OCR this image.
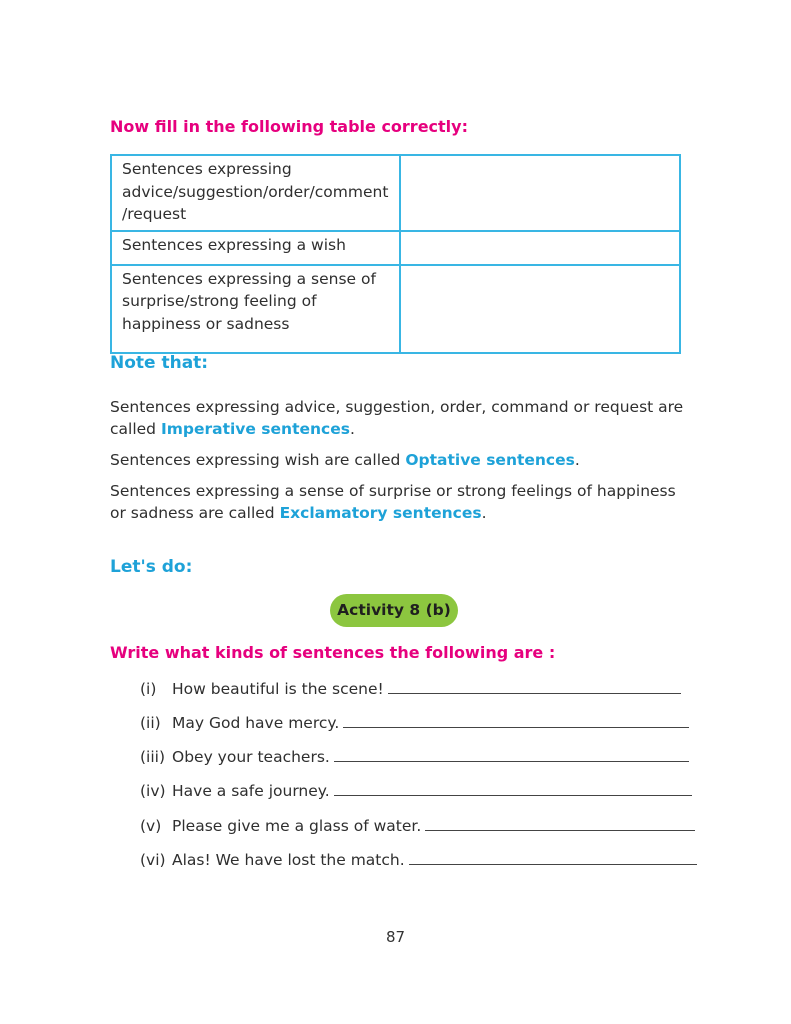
Now fill in the following table correctly:
Sentences expressing advice/suggestion/order/comment /request	
Sentences expressing a wish	
Sentences expressing a sense of surprise/strong feeling of happiness or sadness	
Note that:
Sentences expressing advice, suggestion, order, command or request are called Imperative sentences.
Sentences expressing wish are called Optative sentences.
Sentences expressing a sense of surprise or strong feelings of happiness or sadness are called Exclamatory sentences.
Let's do:
Activity 8 (b)
Write what kinds of sentences the following are :
(i)	How beautiful is the scene!
(ii) May God have mercy.
(iii) Obey your teachers.
(iv) Have a safe journey.
(v) Please give me a glass of water.
(vi) Alas! We have lost the match.
87
